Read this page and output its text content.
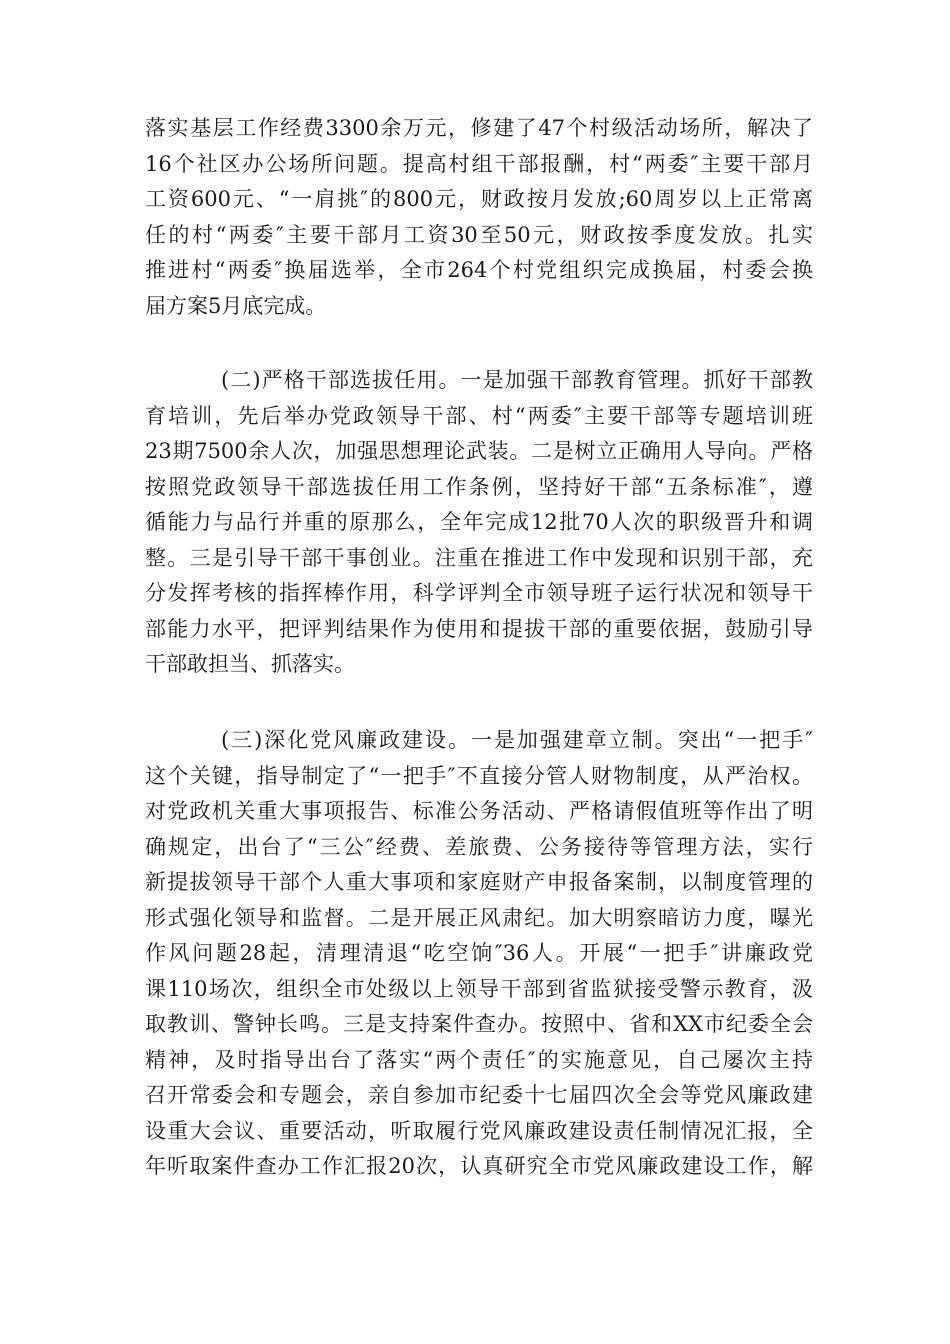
落实基层工作经费3300余万元，修建了47个村级活动场所，解决了
16个社区办公场所问题。提高村组干部报酬，村“两委″主要干部月
工资600元、“一肩挑″的800元，财政按月发放;60周岁以上正常离
任的村“两委″主要干部月工资30至50元，财政按季度发放。扎实
推进村“两委″换届选举，全市264个村党组织完成换届，村委会换
届方案5月底完成。

(二)严格干部选拔任用。一是加强干部教育管理。抓好干部教
育培训，先后举办党政领导干部、村“两委″主要干部等专题培训班
23期7500余人次，加强思想理论武装。二是树立正确用人导向。严格
按照党政领导干部选拔任用工作条例，坚持好干部“五条标准″，遵
循能力与品行并重的原那么，全年完成12批70人次的职级晋升和调
整。三是引导干部干事创业。注重在推进工作中发现和识别干部，充
分发挥考核的指挥棒作用，科学评判全市领导班子运行状况和领导干
部能力水平，把评判结果作为使用和提拔干部的重要依据，鼓励引导
干部敢担当、抓落实。

(三)深化党风廉政建设。一是加强建章立制。突出“一把手″
这个关键，指导制定了“一把手″不直接分管人财物制度，从严治权。
对党政机关重大事项报告、标准公务活动、严格请假值班等作出了明
确规定，出台了“三公″经费、差旅费、公务接待等管理方法，实行
新提拔领导干部个人重大事项和家庭财产申报备案制，以制度管理的
形式强化领导和监督。二是开展正风肃纪。加大明察暗访力度，曝光
作风问题28起，清理清退“吃空饷″36人。开展“一把手″讲廉政党
课110场次，组织全市处级以上领导干部到省监狱接受警示教育，汲
取教训、警钟长鸣。三是支持案件查办。按照中、省和XX市纪委全会
精神，及时指导出台了落实“两个责任″的实施意见，自己屡次主持
召开常委会和专题会，亲自参加市纪委十七届四次全会等党风廉政建
设重大会议、重要活动，听取履行党风廉政建设责任制情况汇报，全
年听取案件查办工作汇报20次，认真研究全市党风廉政建设工作，解
